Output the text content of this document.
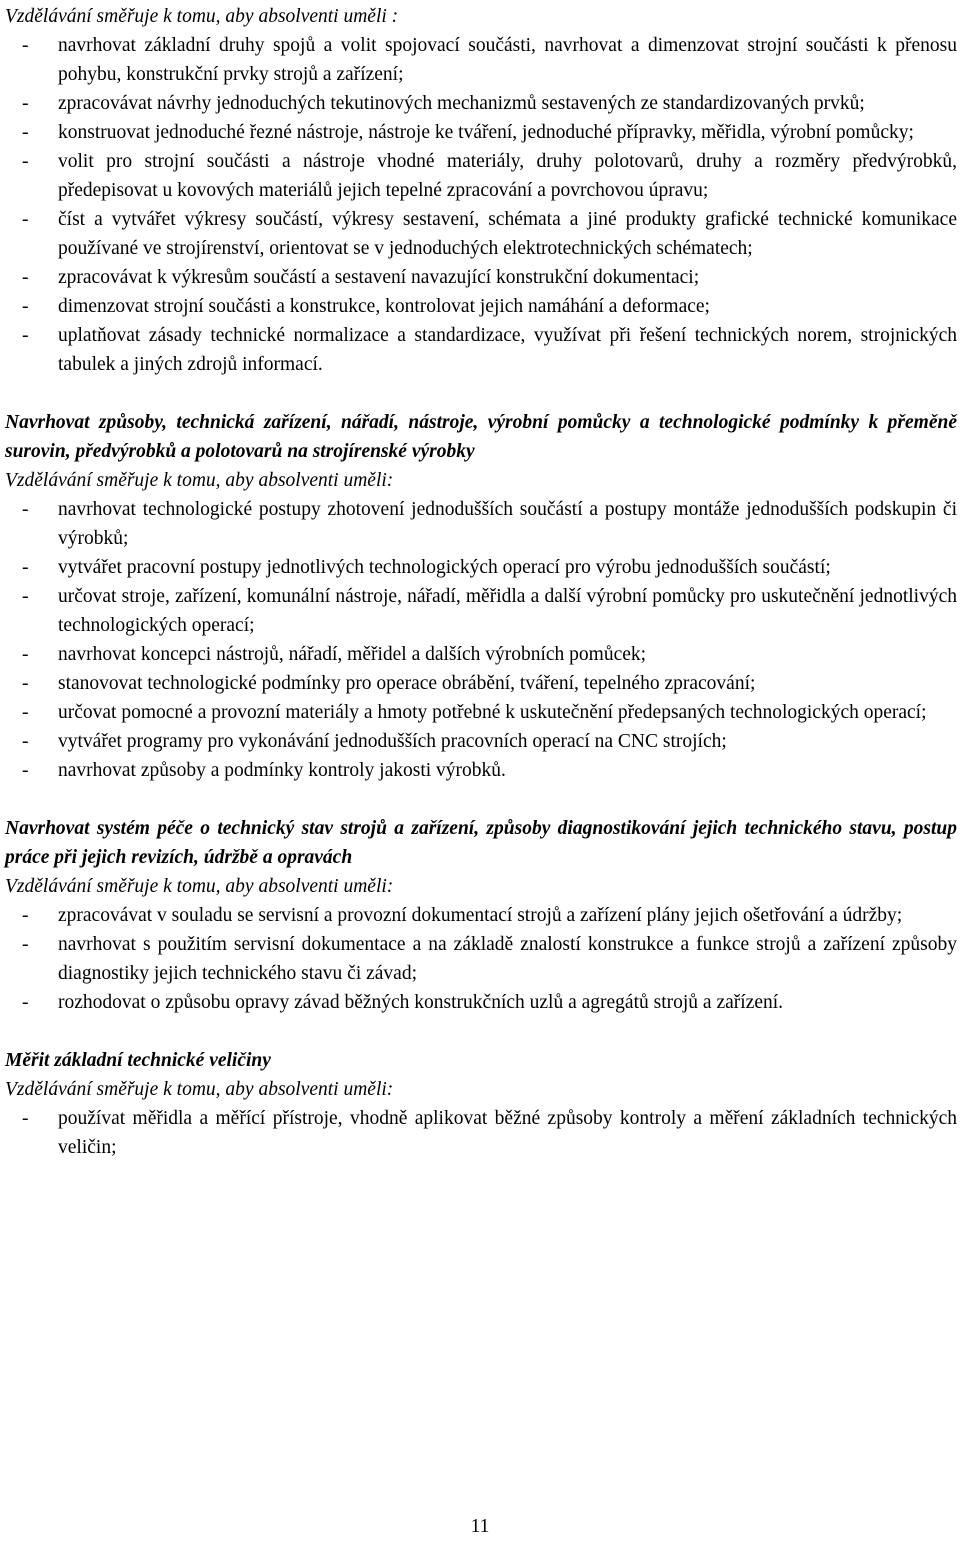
Vzdělávání směřuje k tomu, aby absolventi uměli :

- navrhovat základní druhy spojů a volit spojovací součásti, navrhovat a dimenzovat strojní součásti k přenosu pohybu, konstrukční prvky strojů a zařízení;
- zpracovávat návrhy jednoduchých tekutinových mechanizmů sestavených ze standardizovaných prvků;
- konstruovat jednoduché řezné nástroje, nástroje ke tváření, jednoduché přípravky, měřidla, výrobní pomůcky;
- volit pro strojní součásti a nástroje vhodné materiály, druhy polotovarů, druhy a rozměry předvýrobků, předepisovat u kovových materiálů jejich tepelné zpracování a povrchovou úpravu;
- číst a vytvářet výkresy součástí, výkresy sestavení, schémata a jiné produkty grafické technické komunikace používané ve strojírenství, orientovat se v jednoduchých elektrotechnických schématech;
- zpracovávat k výkresům součástí a sestavení navazující konstrukční dokumentaci;
- dimenzovat strojní součásti a konstrukce, kontrolovat jejich namáhání a deformace;
- uplatňovat zásady technické normalizace a standardizace, využívat při řešení technických norem, strojnických tabulek a jiných zdrojů informací.

Navrhovat způsoby, technická zařízení, nářadí, nástroje, výrobní pomůcky a technologické podmínky k přeměně surovin, předvýrobků a polotovarů na strojírenské výrobky

Vzdělávání směřuje k tomu, aby absolventi uměli:

- navrhovat technologické postupy zhotovení jednodušších součástí a postupy montáže jednodušších podskupin či výrobků;
- vytvářet pracovní postupy jednotlivých technologických operací pro výrobu jednodušších součástí;
- určovat stroje, zařízení, komunální nástroje, nářadí, měřidla a další výrobní pomůcky pro uskutečnění jednotlivých technologických operací;
- navrhovat koncepci nástrojů, nářadí, měřidel a dalších výrobních pomůcek;
- stanovovat technologické podmínky pro operace obrábění, tváření, tepelného zpracování;
- určovat pomocné a provozní materiály a hmoty potřebné k uskutečnění předepsaných technologických operací;
- vytvářet programy pro vykonávání jednodušších pracovních operací na CNC strojích;
- navrhovat způsoby a podmínky kontroly jakosti výrobků.

Navrhovat systém péče o technický stav strojů a zařízení, způsoby diagnostikování jejich technického stavu, postup práce při jejich revizích, údržbě a opravách

Vzdělávání směřuje k tomu, aby absolventi uměli:

- zpracovávat v souladu se servisní a provozní dokumentací strojů a zařízení plány jejich ošetřování a údržby;
- navrhovat s použitím servisní dokumentace a na základě znalostí konstrukce a funkce strojů a zařízení způsoby diagnostiky jejich technického stavu či závad;
- rozhodovat o způsobu opravy závad běžných konstrukčních uzlů a agregátů strojů a zařízení.

Měřit základní technické veličiny

Vzdělávání směřuje k tomu, aby absolventi uměli:

- používat měřidla a měřící přístroje, vhodně aplikovat běžné způsoby kontroly a měření základních technických veličin;
11
